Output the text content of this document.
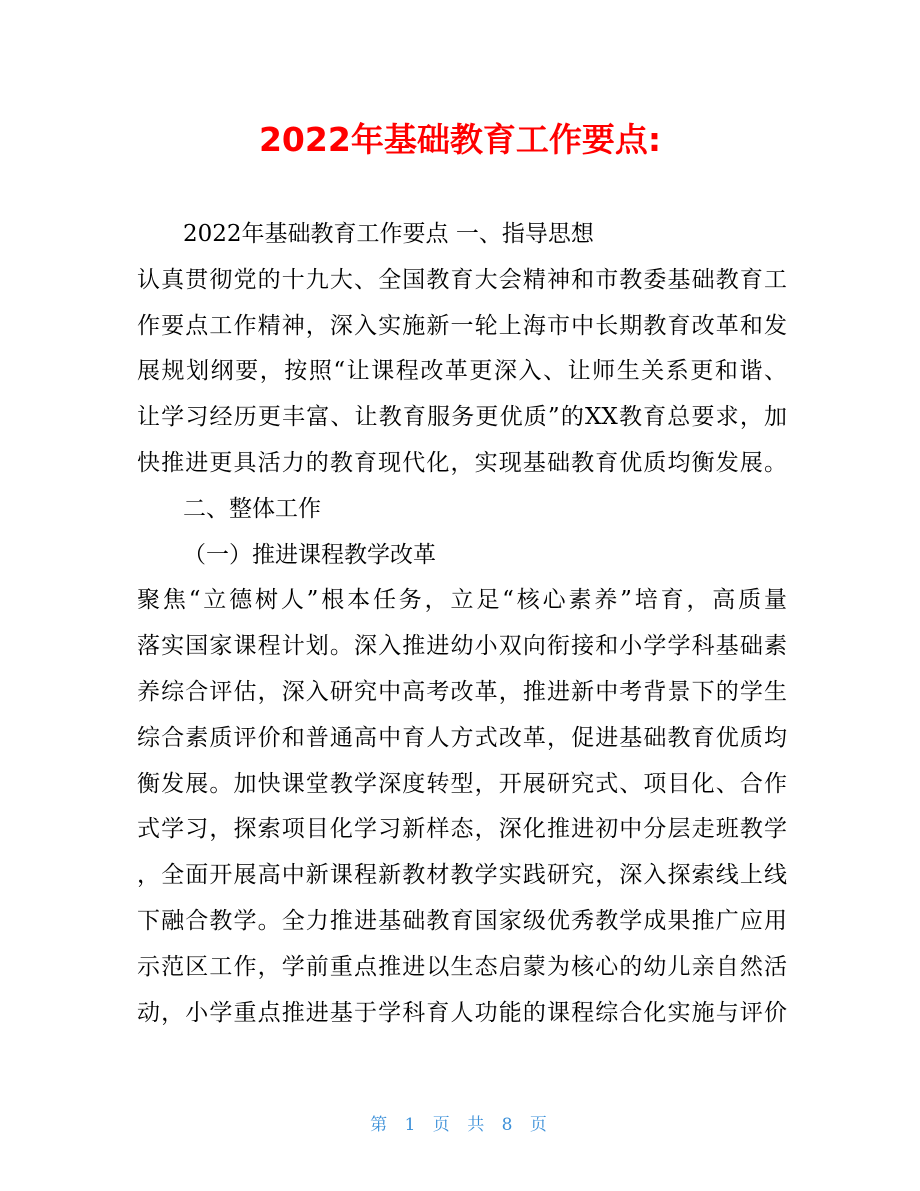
2022年基础教育工作要点:
2022年基础教育工作要点 一、指导思想
认真贯彻党的十九大、全国教育大会精神和市教委基础教育工
作要点工作精神，深入实施新一轮上海市中长期教育改革和发
展规划纲要，按照“让课程改革更深入、让师生关系更和谐、
让学习经历更丰富、让教育服务更优质”的XX教育总要求，加
快推进更具活力的教育现代化，实现基础教育优质均衡发展。
二、整体工作
（一）推进课程教学改革
聚焦“立德树人”根本任务，立足“核心素养”培育，高质量
落实国家课程计划。深入推进幼小双向衔接和小学学科基础素
养综合评估，深入研究中高考改革，推进新中考背景下的学生
综合素质评价和普通高中育人方式改革，促进基础教育优质均
衡发展。加快课堂教学深度转型，开展研究式、项目化、合作
式学习，探索项目化学习新样态，深化推进初中分层走班教学
，全面开展高中新课程新教材教学实践研究，深入探索线上线
下融合教学。全力推进基础教育国家级优秀教学成果推广应用
示范区工作，学前重点推进以生态启蒙为核心的幼儿亲自然活
动，小学重点推进基于学科育人功能的课程综合化实施与评价
第 1 页 共 8 页
